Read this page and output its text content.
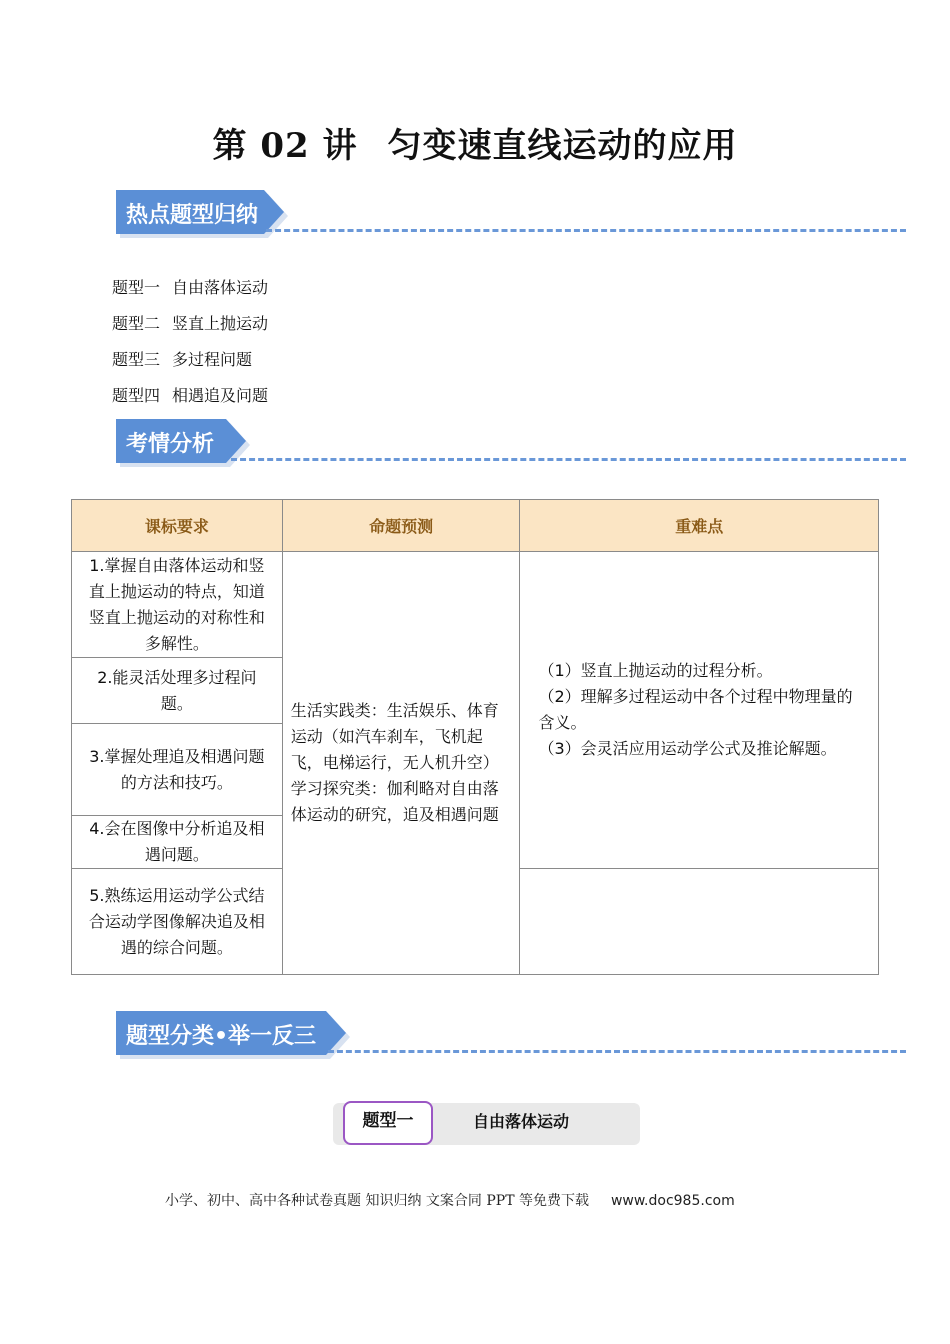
第 02 讲 匀变速直线运动的应用
热点题型归纳
题型一 自由落体运动
题型二 竖直上抛运动
题型三 多过程问题
题型四 相遇追及问题
考情分析
课标要求	命题预测	重难点
1.掌握自由落体运动和竖直上抛运动的特点，知道竖直上抛运动的对称性和多解性。	生活实践类：生活娱乐、体育运动（如汽车刹车，飞机起飞，电梯运行，无人机升空）学习探究类：伽利略对自由落体运动的研究，追及相遇问题	（1）竖直上抛运动的过程分析。
（2）理解多过程运动中各个过程中物理量的含义。
（3）会灵活应用运动学公式及推论解题。

2.能灵活处理多过程问题。		
3.掌握处理追及相遇问题的方法和技巧。		
4.会在图像中分析追及相遇问题。		
5.熟练运用运动学公式结合运动学图像解决追及相遇的综合问题。		
题型分类•举一反三
题型一	自由落体运动
小学、初中、高中各种试卷真题 知识归纳 文案合同 PPT 等免费下载 www.doc985.com
